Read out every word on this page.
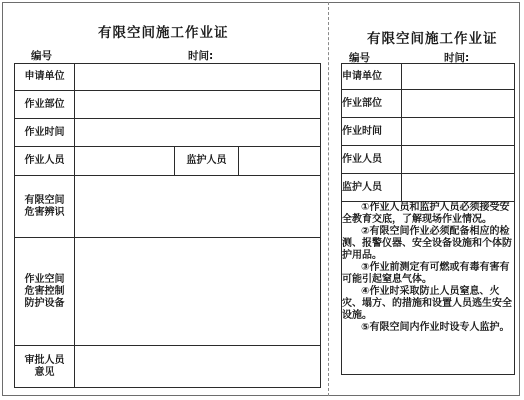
有限空间施工作业证
编号	时间:
申请单位			
作业部位			
作业时间			
作业人员		监护人员	

有限空间
危害辨识			

作业空间
危害控制
防护设备			

审批人员
意见			

有限空间施工作业证
编号	时间:
申请单位	
作业部位	
作业时间	
作业人员	
监护人员	

①作业人员和监护人员必须接受安全教育交底，了解现场作业情况。

②有限空间作业必须配备相应的检测、报警仪器、安全设备设施和个体防护用品。

③作业前测定有可燃或有毒有害有可能引起窒息气体。

④作业时采取防止人员窒息、火灾、塌方、的措施和设置人员逃生安全设施。

⑤有限空间内作业时设专人监护。	
